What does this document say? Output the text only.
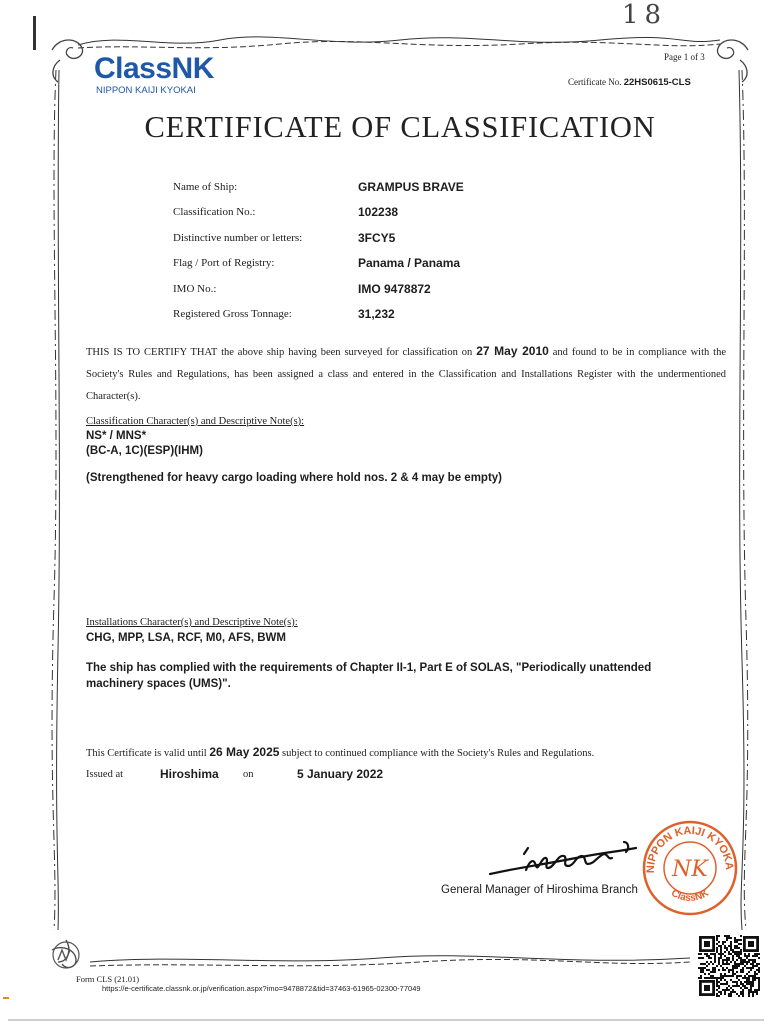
18
ClassNK
NIPPON KAIJI KYOKAI
Page 1 of 3
Certificate No. 22HS0615-CLS
CERTIFICATE OF CLASSIFICATION
Name of Ship:	GRAMPUS BRAVE
Classification No.:	102238
Distinctive number or letters:	3FCY5
Flag / Port of Registry:	Panama / Panama
IMO No.:	IMO 9478872
Registered Gross Tonnage:	31,232
THIS IS TO CERTIFY THAT the above ship having been surveyed for classification on 27 May 2010 and found to be in compliance with the Society's Rules and Regulations, has been assigned a class and entered in the Classification and Installations Register with the undermentioned Character(s).
Classification Character(s) and Descriptive Note(s):
NS* / MNS*
(BC-A, 1C)(ESP)(IHM)
(Strengthened for heavy cargo loading where hold nos. 2 & 4 may be empty)
Installations Character(s) and Descriptive Note(s):
CHG, MPP, LSA, RCF, M0, AFS, BWM
The ship has complied with the requirements of Chapter II-1, Part E of SOLAS, "Periodically unattended machinery spaces (UMS)".
This Certificate is valid until 26 May 2025 subject to continued compliance with the Society's Rules and Regulations.
Issued at	Hiroshima on	5 January 2022
General Manager of Hiroshima Branch
NIPPON KAIJI KYOKA
ClassNK
NK
Form CLS (21.01)
https://e-certificate.classnk.or.jp/verification.aspx?imo=9478872&tid=37463-61965-02300-77049
